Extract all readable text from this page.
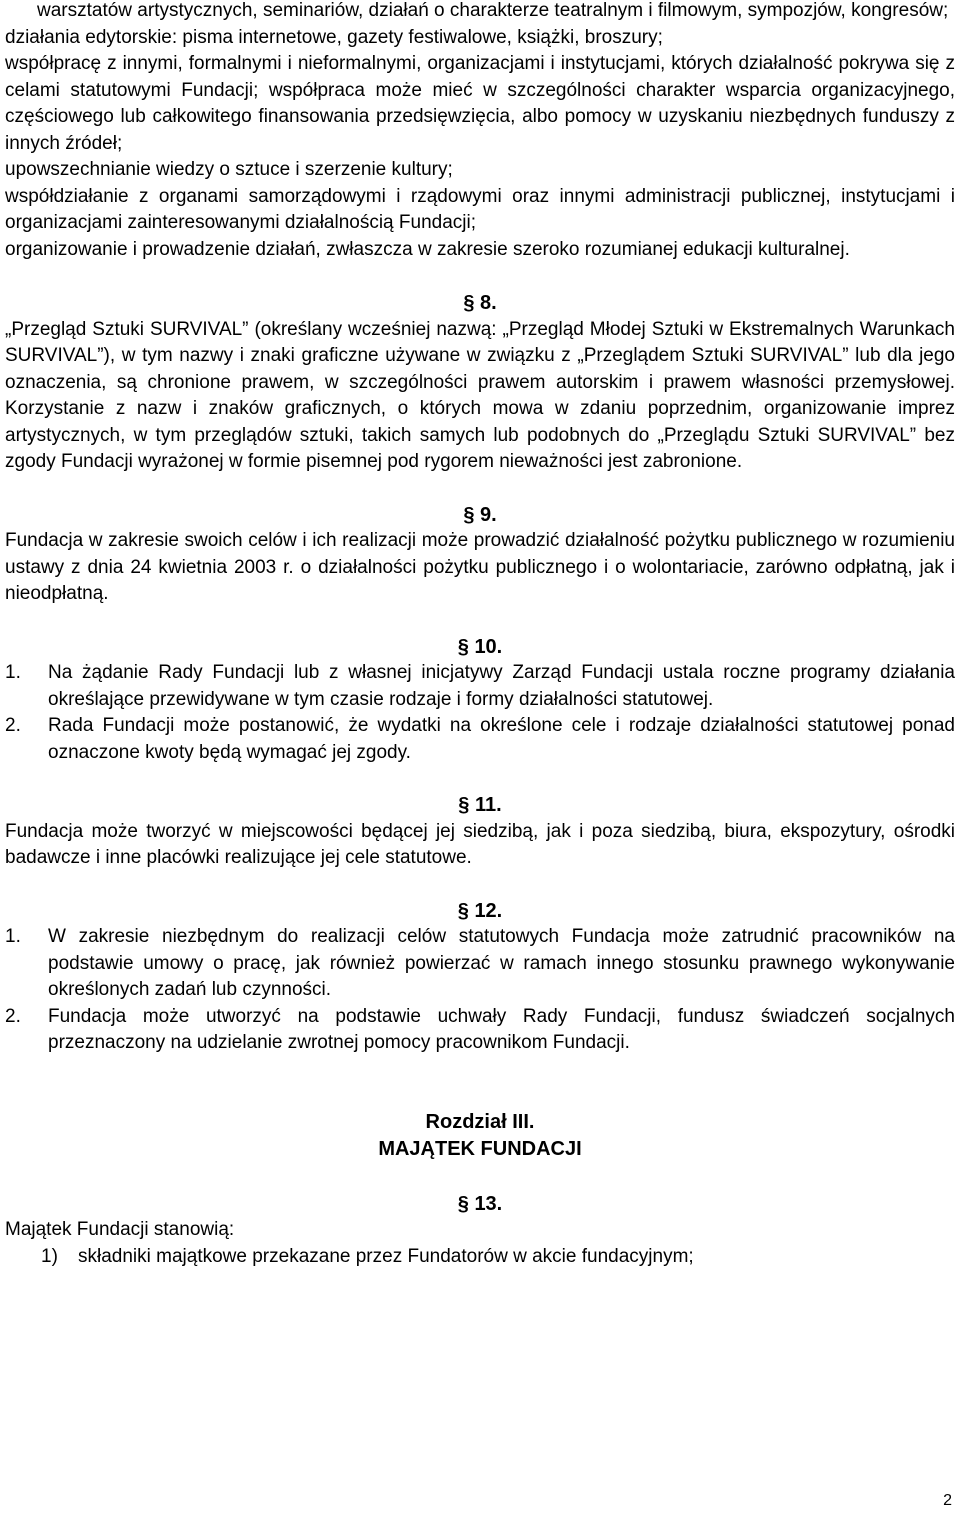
warsztatów artystycznych, seminariów, działań o charakterze teatralnym i filmowym, sympozjów, kongresów;
działania edytorskie: pisma internetowe, gazety festiwalowe, książki, broszury;
współpracę z innymi, formalnymi i nieformalnymi, organizacjami i instytucjami, których działalność pokrywa się z celami statutowymi Fundacji; współpraca może mieć w szczególności charakter wsparcia organizacyjnego, częściowego lub całkowitego finansowania przedsięwzięcia, albo pomocy w uzyskaniu niezbędnych funduszy z innych źródeł;
upowszechnianie wiedzy o sztuce i szerzenie kultury;
współdziałanie z organami samorządowymi i rządowymi oraz innymi administracji publicznej, instytucjami i organizacjami zainteresowanymi działalnością Fundacji;
organizowanie i prowadzenie działań, zwłaszcza w zakresie szeroko rozumianej edukacji kulturalnej.
§ 8.

„Przegląd Sztuki SURVIVAL” (określany wcześniej nazwą: „Przegląd Młodej Sztuki w Ekstremalnych Warunkach SURVIVAL”), w tym nazwy i znaki graficzne używane w związku z „Przeglądem Sztuki SURVIVAL” lub dla jego oznaczenia, są chronione prawem, w szczególności prawem autorskim i prawem własności przemysłowej. Korzystanie z nazw i znaków graficznych, o których mowa w zdaniu poprzednim, organizowanie imprez artystycznych, w tym przeglądów sztuki, takich samych lub podobnych do „Przeglądu Sztuki SURVIVAL” bez zgody Fundacji wyrażonej w formie pisemnej pod rygorem nieważności jest zabronione.

§ 9.

Fundacja w zakresie swoich celów i ich realizacji może prowadzić działalność pożytku publicznego w rozumieniu ustawy z dnia 24 kwietnia 2003 r. o działalności pożytku publicznego i o wolontariacie, zarówno odpłatną, jak i nieodpłatną.

§ 10.
1.	Na żądanie Rady Fundacji lub z własnej inicjatywy Zarząd Fundacji ustala roczne programy działania określające przewidywane w tym czasie rodzaje i formy działalności statutowej.
2.	Rada Fundacji może postanowić, że wydatki na określone cele i rodzaje działalności statutowej ponad oznaczone kwoty będą wymagać jej zgody.
§ 11.

Fundacja może tworzyć w miejscowości będącej jej siedzibą, jak i poza siedzibą, biura, ekspozytury, ośrodki badawcze i inne placówki realizujące jej cele statutowe.

§ 12.
1.	W zakresie niezbędnym do realizacji celów statutowych Fundacja może zatrudnić pracowników na podstawie umowy o pracę, jak również powierzać w ramach innego stosunku prawnego wykonywanie określonych zadań lub czynności.
2.	Fundacja może utworzyć na podstawie uchwały Rady Fundacji, fundusz świadczeń socjalnych przeznaczony na udzielanie zwrotnej pomocy pracownikom Fundacji.
Rozdział III.
MAJĄTEK FUNDACJI
§ 13.

Majątek Fundacji stanowią:

1)	składniki majątkowe przekazane przez Fundatorów w akcie fundacyjnym;
2
